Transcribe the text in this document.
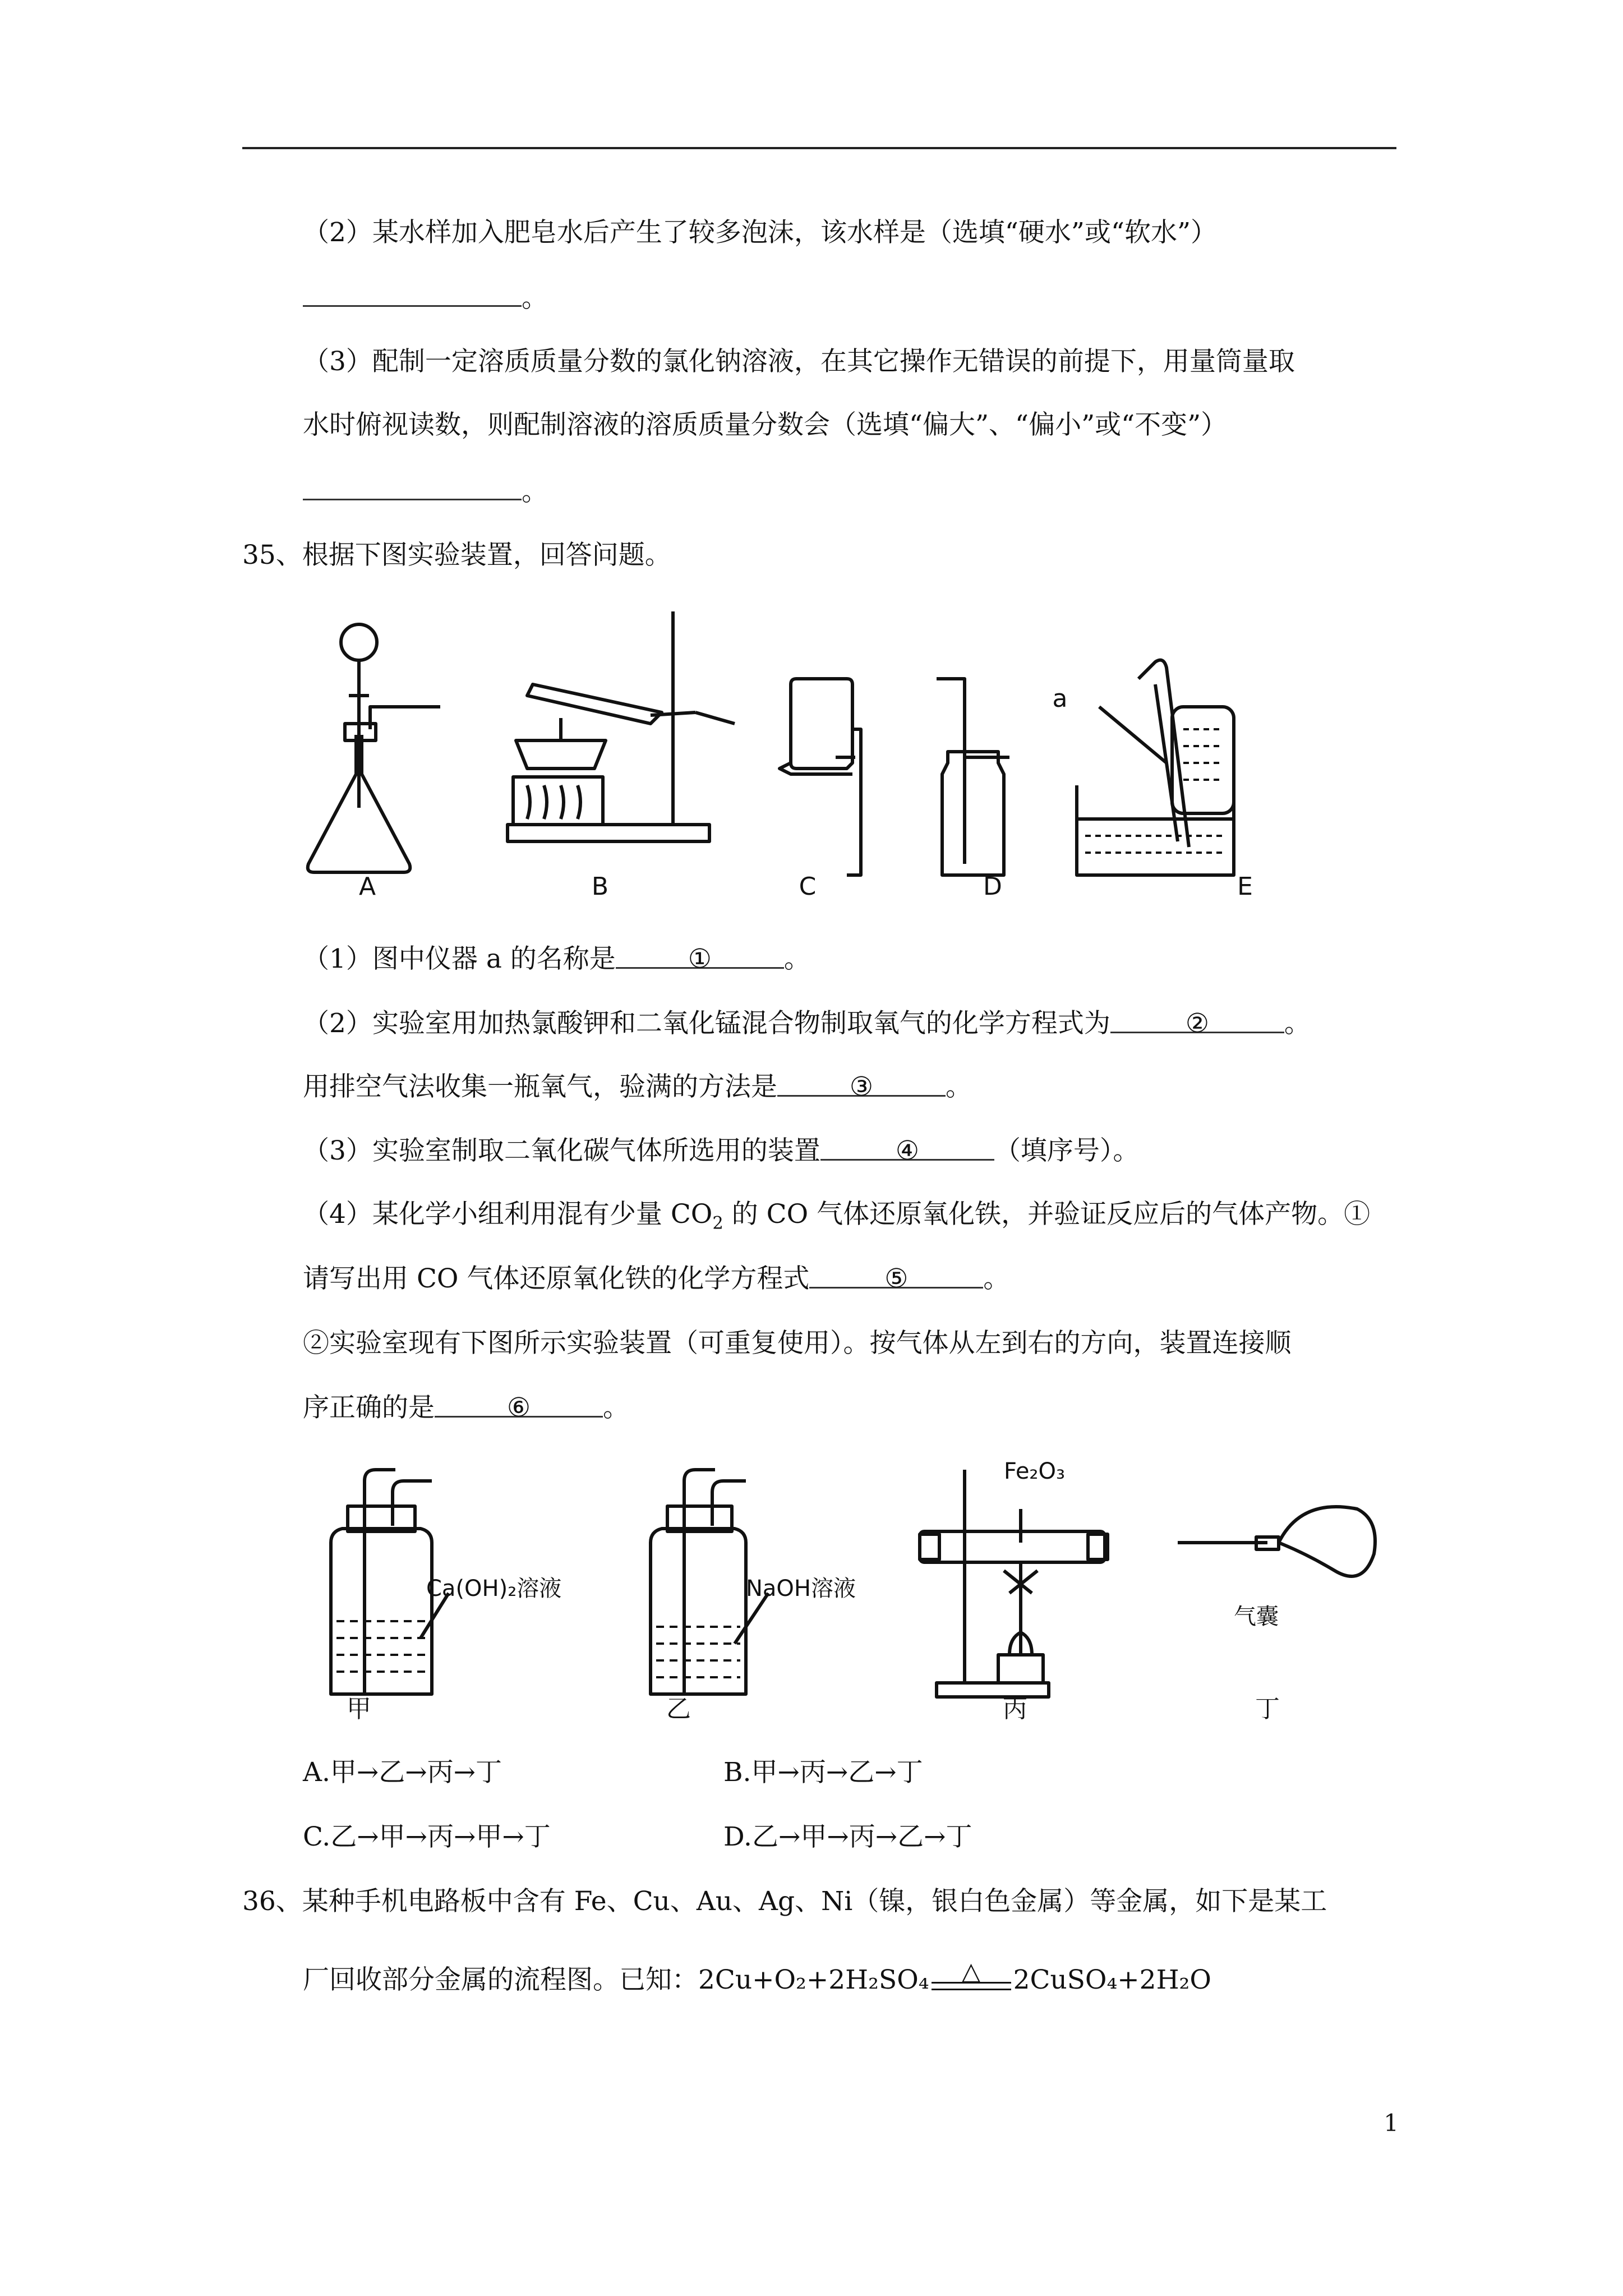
（2）某水样加入肥皂水后产生了较多泡沫，该水样是（选填“硬水”或“软水”）
。
（3）配制一定溶质质量分数的氯化钠溶液，在其它操作无错误的前提下，用量筒量取
水时俯视读数，则配制溶液的溶质质量分数会（选填“偏大”、“偏小”或“不变”）
。
35、根据下图实验装置，回答问题。
A	B	C	D	E
a
（1）图中仪器 a 的名称是	①	。
（2）实验室用加热氯酸钾和二氧化锰混合物制取氧气的化学方程式为	②	。
用排空气法收集一瓶氧气，验满的方法是	③	。
（3）实验室制取二氧化碳气体所选用的装置	④	（填序号）。
（4）某化学小组利用混有少量 $CO_2$ 的 CO 气体还原氧化铁，并验证反应后的气体产物。①
请写出用 CO 气体还原氧化铁的化学方程式	⑤	。
②实验室现有下图所示实验装置（可重复使用）。按气体从左到右的方向，装置连接顺
序正确的是	⑥	。
Ca(OH)₂溶液	NaOH溶液
Fe₂O₃
气囊
甲	乙	丙	丁
A.甲→乙→丙→丁	B.甲→丙→乙→丁
C.乙→甲→丙→甲→丁	D.乙→甲→丙→乙→丁
36、某种手机电路板中含有 Fe、Cu、Au、Ag、Ni（镍，银白色金属）等金属，如下是某工
厂回收部分金属的流程图。已知：2Cu+O₂+2H₂SO₄	△	2CuSO₄+2H₂O
1
